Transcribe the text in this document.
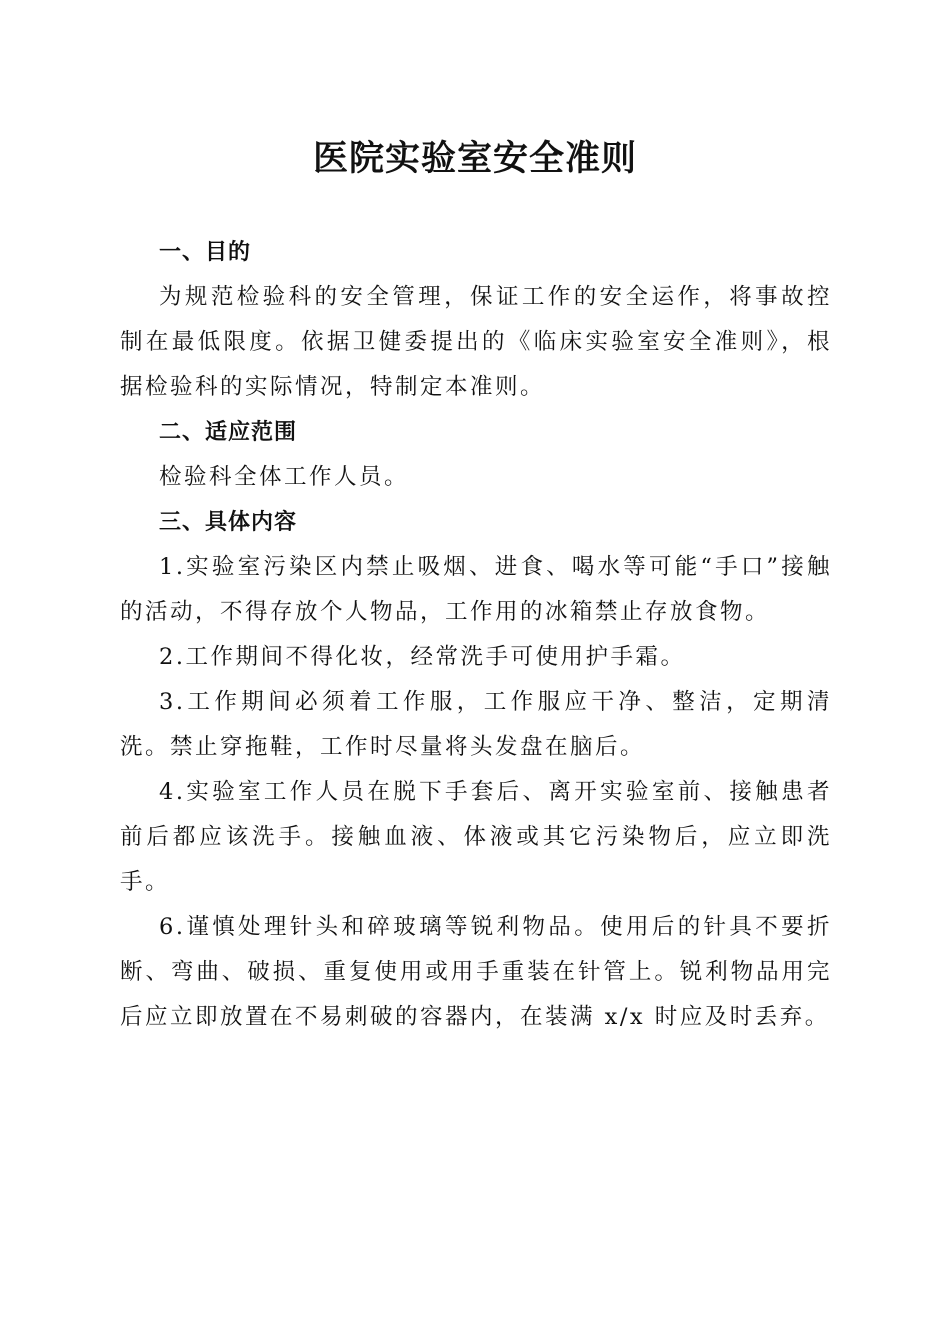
医院实验室安全准则

一、目的

为规范检验科的安全管理，保证工作的安全运作，将事故控制在最低限度。依据卫健委提出的《临床实验室安全准则》，根据检验科的实际情况，特制定本准则。

二、适应范围

检验科全体工作人员。

三、具体内容

1.实验室污染区内禁止吸烟、进食、喝水等可能“手口”接触的活动，不得存放个人物品，工作用的冰箱禁止存放食物。

2.工作期间不得化妆，经常洗手可使用护手霜。

3.工作期间必须着工作服，工作服应干净、整洁，定期清洗。禁止穿拖鞋，工作时尽量将头发盘在脑后。

4.实验室工作人员在脱下手套后、离开实验室前、接触患者前后都应该洗手。接触血液、体液或其它污染物后，应立即洗手。

6.谨慎处理针头和碎玻璃等锐利物品。使用后的针具不要折断、弯曲、破损、重复使用或用手重装在针管上。锐利物品用完后应立即放置在不易刺破的容器内，在装满 x/x 时应及时丢弃。
